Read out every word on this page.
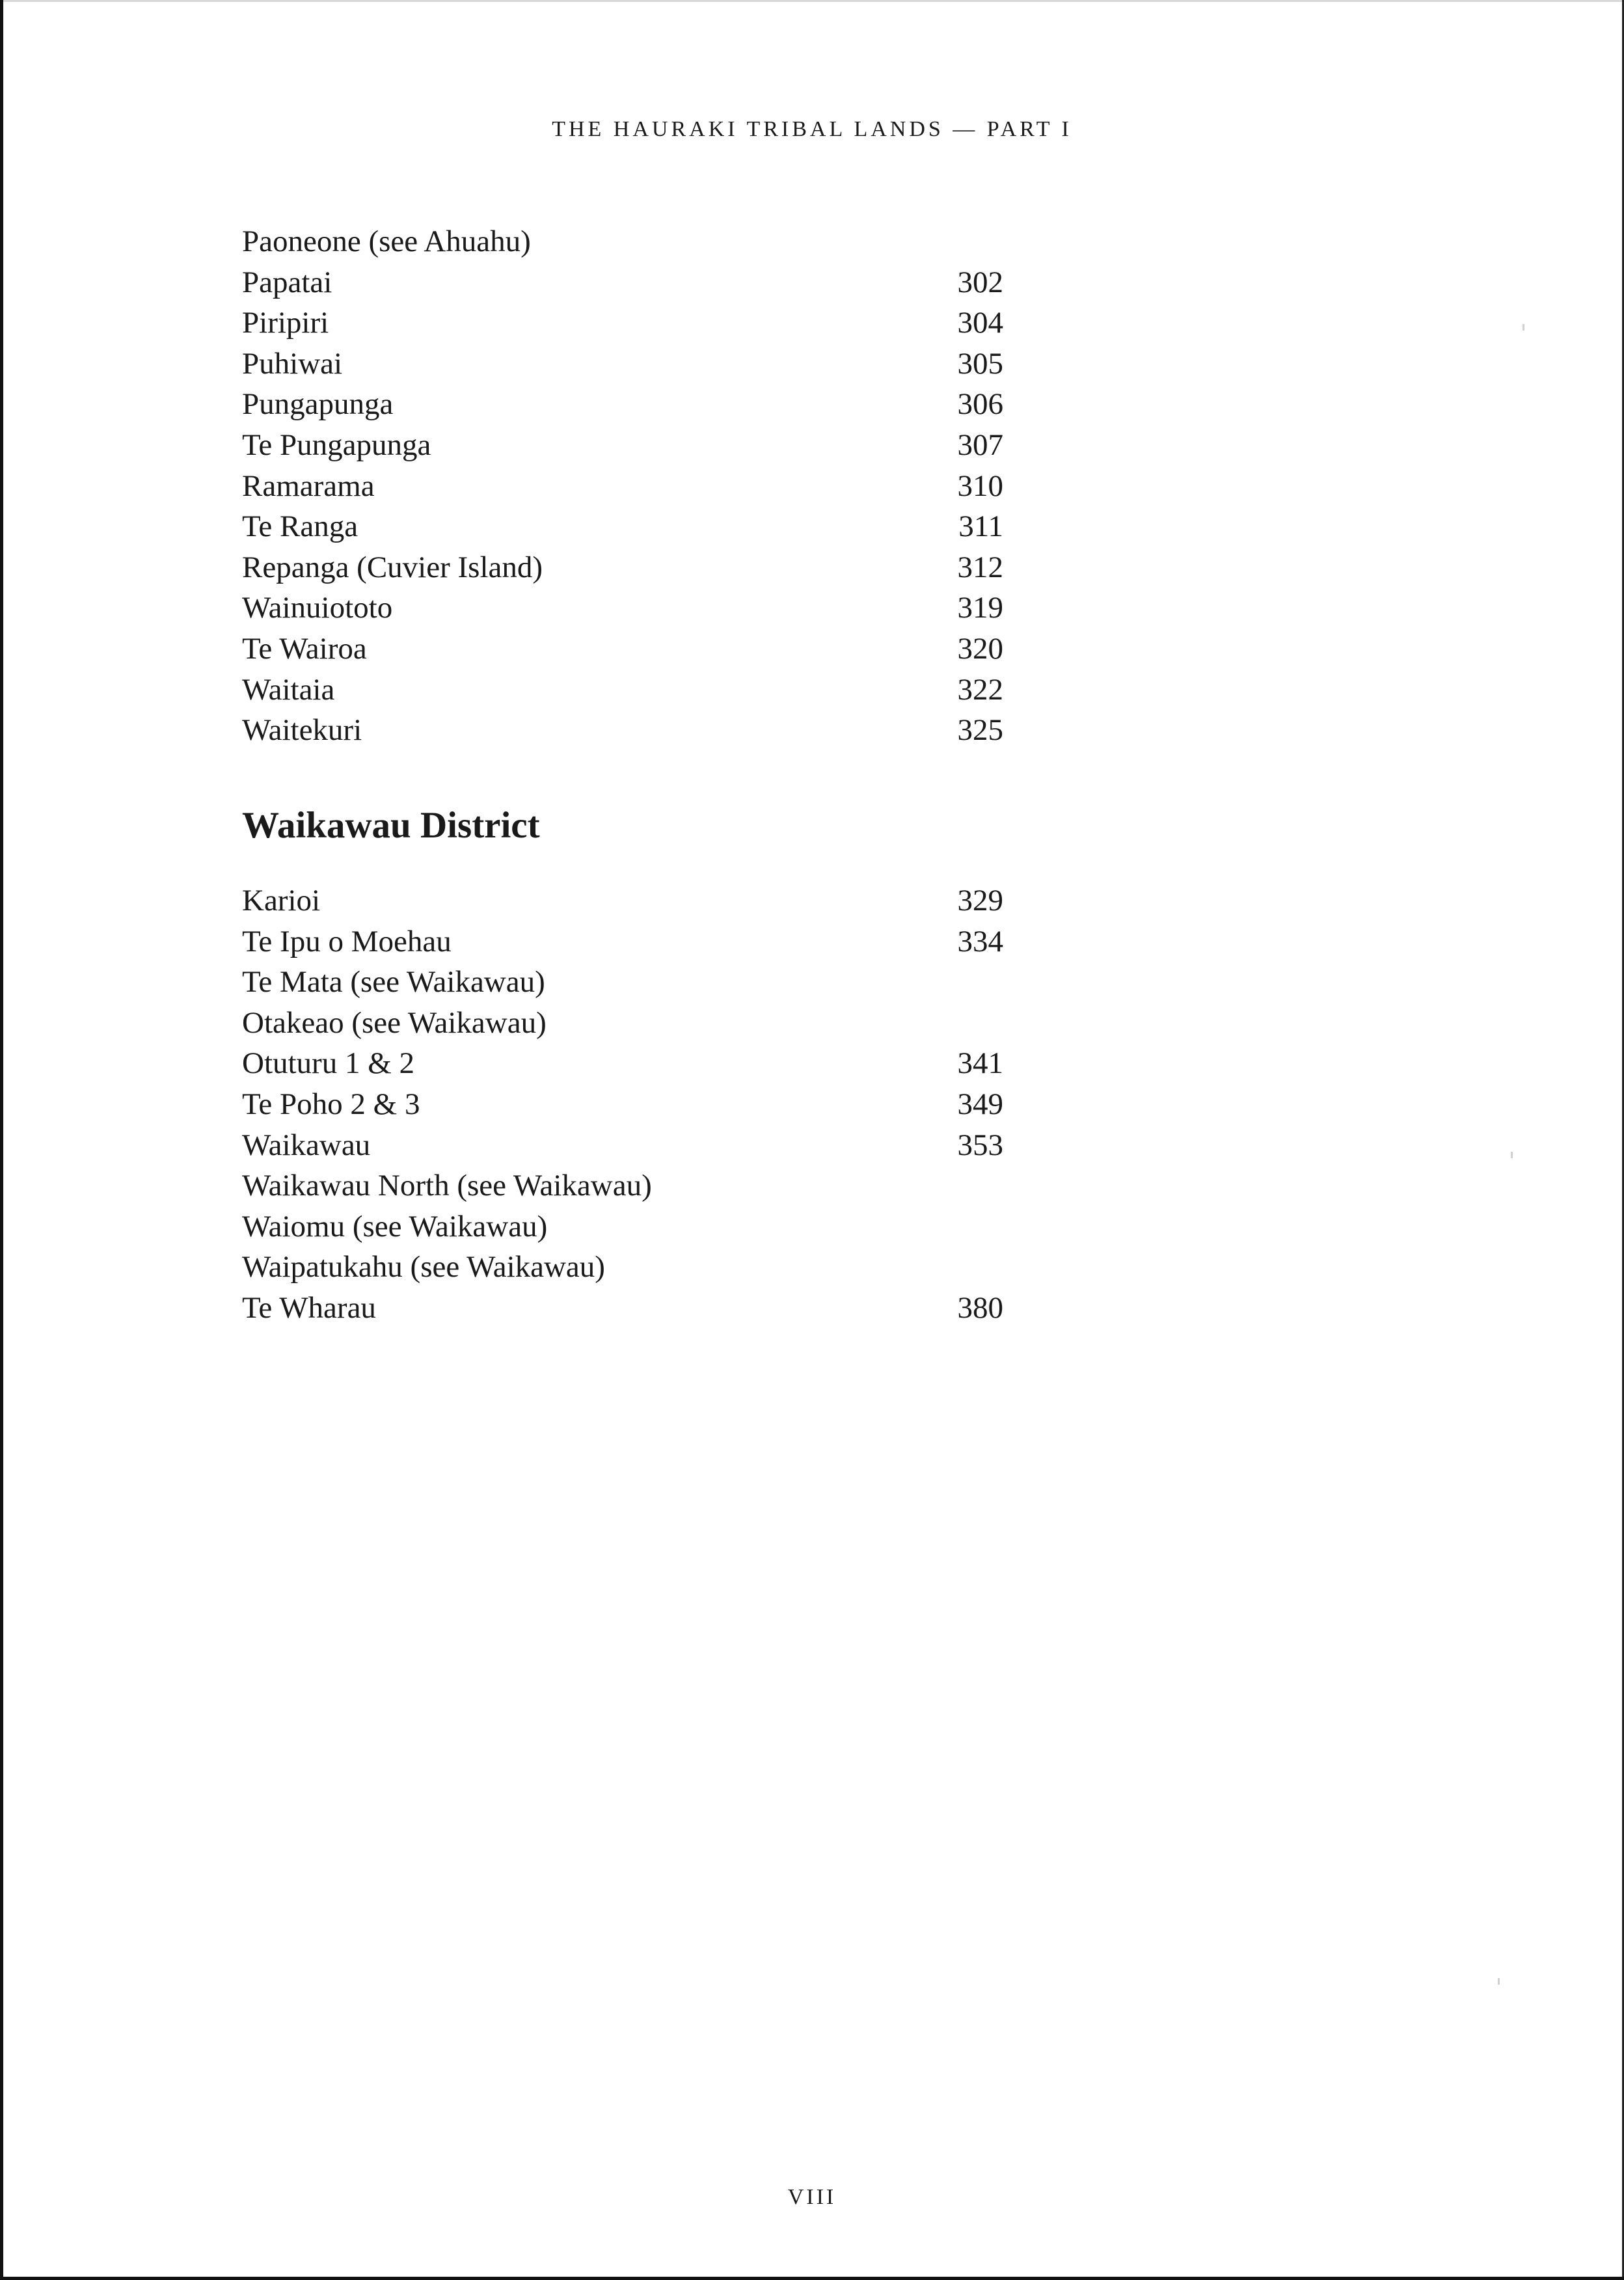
THE HAURAKI TRIBAL LANDS — PART I
Paoneone (see Ahuahu)
Papatai	302
Piripiri	304
Puhiwai	305
Pungapunga	306
Te Pungapunga	307
Ramarama	310
Te Ranga	311
Repanga (Cuvier Island)	312
Wainuiototo	319
Te Wairoa	320
Waitaia	322
Waitekuri	325
Waikawau District
Karioi	329
Te Ipu o Moehau	334
Te Mata (see Waikawau)
Otakeao (see Waikawau)
Otuturu 1 & 2	341
Te Poho 2 & 3	349
Waikawau	353
Waikawau North (see Waikawau)
Waiomu (see Waikawau)
Waipatukahu (see Waikawau)
Te Wharau	380
VIII
